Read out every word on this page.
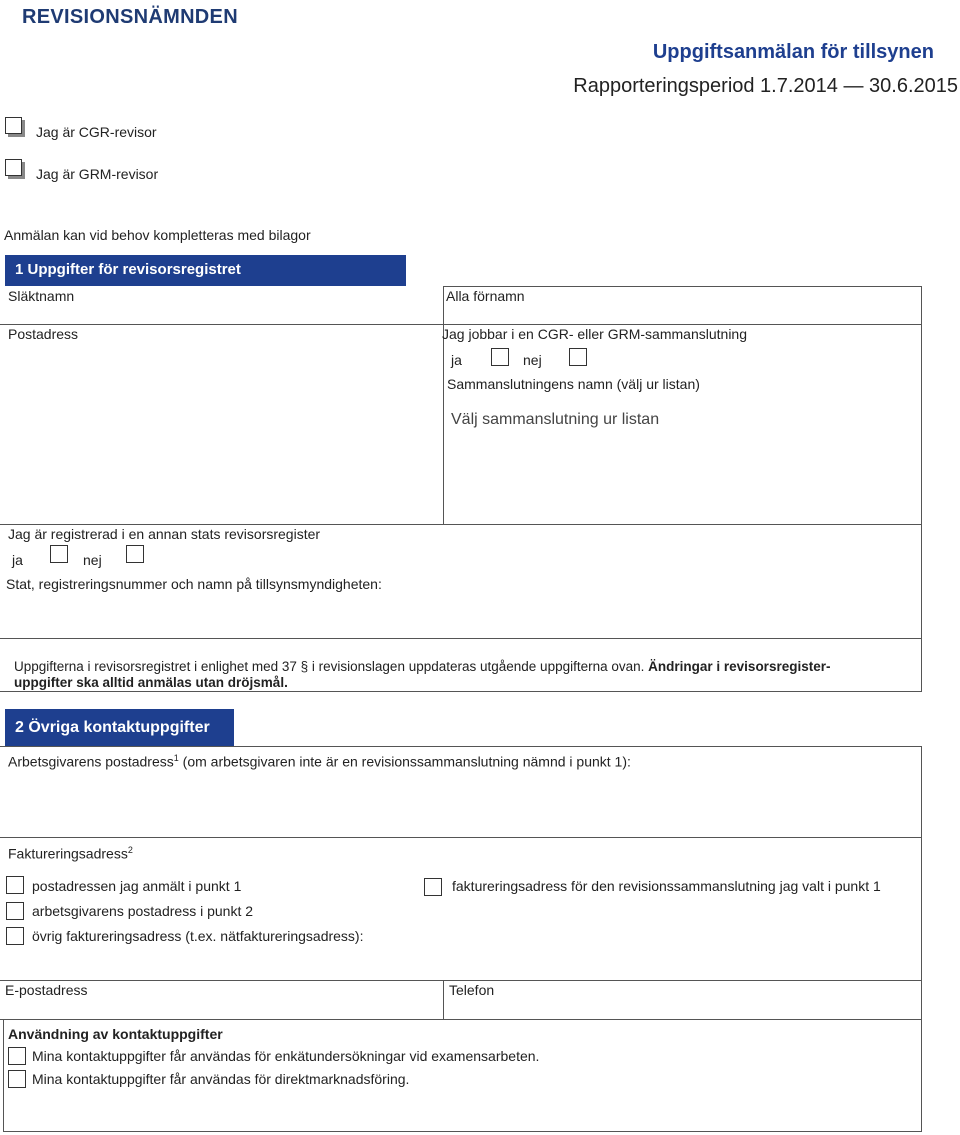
REVISIONSNÄMNDEN
Uppgiftsanmälan för tillsynen
Rapporteringsperiod 1.7.2014 — 30.6.2015
Jag är CGR-revisor
Jag är GRM-revisor
Anmälan kan vid behov kompletteras med bilagor
1 Uppgifter för revisorsregistret
Släktnamn	Alla förnamn
Postadress	Jag jobbar i en CGR- eller GRM-sammanslutning
ja	nej
Sammanslutningens namn (välj ur listan)
Välj sammanslutning ur listan
Jag är registrerad i en annan stats revisorsregister
ja	nej
Stat, registreringsnummer och namn på tillsynsmyndigheten:
Uppgifterna i revisorsregistret i enlighet med 37 § i revisionslagen uppdateras utgående uppgifterna ovan. Ändringar i revisorsregister-
uppgifter ska alltid anmälas utan dröjsmål.
2 Övriga kontaktuppgifter
Arbetsgivarens postadress$^1$ (om arbetsgivaren inte är en revisionssammanslutning nämnd i punkt 1):
Faktureringsadress$^2$
postadressen jag anmält i punkt 1	faktureringsadress för den revisionssammanslutning jag valt i punkt 1
arbetsgivarens postadress i punkt 2
övrig faktureringsadress (t.ex. nätfaktureringsadress):
E-postadress	Telefon
Användning av kontaktuppgifter
Mina kontaktuppgifter får användas för enkätundersökningar vid examensarbeten.
Mina kontaktuppgifter får användas för direktmarknadsföring.
